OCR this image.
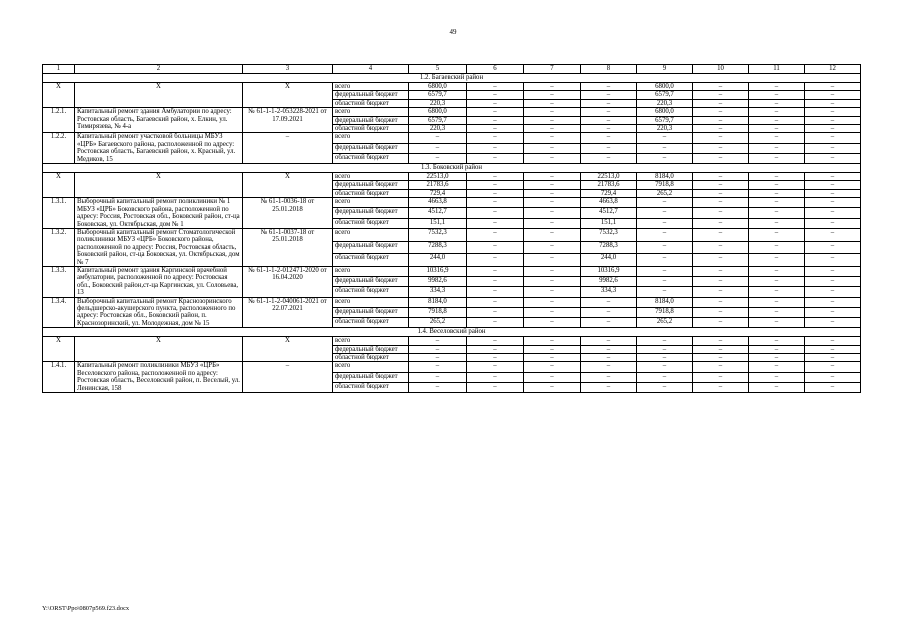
49
1	2	3	4	5	6	7	8	9	10	11	12
1.2. Багаевский район											
X	X	X	всего	6800,0	–	–	–	6800,0	–	–	–
			федеральный бюджет	6579,7	–	–	–	6579,7	–	–	–
			областной бюджет	220,3	–	–	–	220,3	–	–	–
1.2.1.	Капитальный ремонт здания Амбулатории по адресу: Ростовская область, Багаевский район, х. Елкин, ул. Тимирязева, № 4-а	№ 61-1-1-2-053228-2021 от 17.09.2021	всего	6800,0	–	–	–	6800,0	–	–	–
			федеральный бюджет	6579,7	–	–	–	6579,7	–	–	–
			областной бюджет	220,3	–	–	–	220,3	–	–	–
1.2.2.	Капитальный ремонт участковой больницы МБУЗ «ЦРБ» Багаевского района, расположенной по адресу: Ростовская область, Багаевский район, х. Красный, ул. Медиков, 15	–	всего	–	–	–	–	–	–	–	–
			федеральный бюджет	–	–	–	–	–	–	–	–
			областной бюджет	–	–	–	–	–	–	–	–
1.3. Боковский район											
X	X	X	всего	22513,0	–	–	22513,0	8184,0	–	–	–
			федеральный бюджет	21783,6	–	–	21783,6	7918,8	–	–	–
			областной бюджет	729,4	–	–	729,4	265,2	–	–	–
1.3.1.	Выборочный капитальный ремонт поликлиники № 1 МБУЗ «ЦРБ» Боковского района, расположенной по адресу: Россия, Ростовская обл., Боковский район, ст-ца Боковская, ул. Октябрьская, дом № 1	№ 61-1-0036-18 от 25.01.2018	всего	4663,8	–	–	4663,8	–	–	–	–
			федеральный бюджет	4512,7	–	–	4512,7	–	–	–	–
			областной бюджет	151,1	–	–	151,1	–	–	–	–
1.3.2.	Выборочный капитальный ремонт Стоматологической поликлиники МБУЗ «ЦРБ» Боковского района, расположенной по адресу: Россия, Ростовская область, Боковский район, ст-ца Боковская, ул. Октябрьская, дом № 7	№ 61-1-0037-18 от 25.01.2018	всего	7532,3	–	–	7532,3	–	–	–	–
			федеральный бюджет	7288,3	–	–	7288,3	–	–	–	–
			областной бюджет	244,0	–	–	244,0	–	–	–	–
1.3.3.	Капитальный ремонт здания Каргинской врачебной амбулатории, расположенной по адресу: Ростовская обл., Боковский район,ст-ца Каргинская, ул. Соловьева, 13	№ 61-1-1-2-012471-2020 от 16.04.2020	всего	10316,9	–	–	10316,9	–	–	–	–
			федеральный бюджет	9982,6	–	–	9982,6	–	–	–	–
			областной бюджет	334,3	–	–	334,3	–	–	–	–
1.3.4.	Выборочный капитальный ремонт Краснозоринского фельдшерско-акушерского пункта, расположенного по адресу: Ростовская обл., Боковский район, п. Краснозоринский, ул. Молодежная, дом № 15	№ 61-1-1-2-040061-2021 от 22.07.2021	всего	8184,0	–	–	–	8184,0	–	–	–
			федеральный бюджет	7918,8	–	–	–	7918,8	–	–	–
			областной бюджет	265,2	–	–	–	265,2	–	–	–
1.4. Веселовский район											
X	X	X	всего	–	–	–	–	–	–	–	–
			федеральный бюджет	–	–	–	–	–	–	–	–
			областной бюджет	–	–	–	–	–	–	–	–
1.4.1.	Капитальный ремонт поликлиники МБУЗ «ЦРБ» Веселовского района, расположенной по адресу: Ростовская область, Веселовский район, п. Веселый, ул. Ленинская, 158	–	всего	–	–	–	–	–	–	–	–
			федеральный бюджет	–	–	–	–	–	–	–	–
			областной бюджет	–	–	–	–	–	–	–	–
Y:\ORST\Ppo\0807p569.f23.docx
